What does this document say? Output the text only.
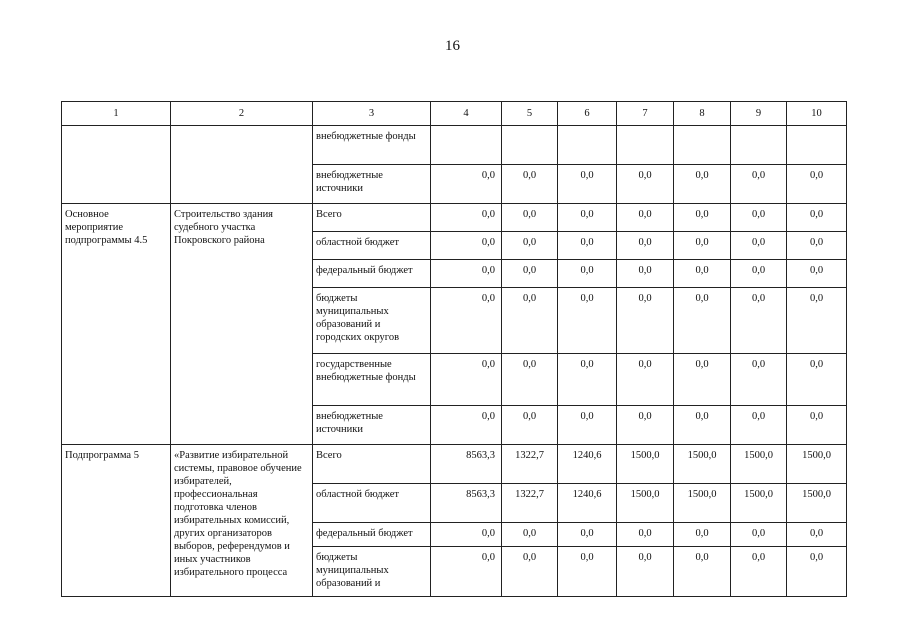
16
1	2	3	4	5	6	7	8	9	10
		внебюджетные фонды							
		внебюджетные источники	0,0	0,0	0,0	0,0	0,0	0,0	0,0
Основное мероприятие подпрограммы 4.5	Строительство здания судебного участка Покровского района	Всего	0,0	0,0	0,0	0,0	0,0	0,0	0,0
		областной бюджет	0,0	0,0	0,0	0,0	0,0	0,0	0,0
		федеральный бюджет	0,0	0,0	0,0	0,0	0,0	0,0	0,0
		бюджеты муниципальных образований и городских округов	0,0	0,0	0,0	0,0	0,0	0,0	0,0
		государственные внебюджетные фонды	0,0	0,0	0,0	0,0	0,0	0,0	0,0
		внебюджетные источники	0,0	0,0	0,0	0,0	0,0	0,0	0,0
Подпрограмма 5	«Развитие избирательной системы, правовое обучение избирателей, профессиональная подготовка членов избирательных комиссий, других организаторов выборов, референдумов и иных участников избирательного процесса	Всего	8563,3	1322,7	1240,6	1500,0	1500,0	1500,0	1500,0
		областной бюджет	8563,3	1322,7	1240,6	1500,0	1500,0	1500,0	1500,0
		федеральный бюджет	0,0	0,0	0,0	0,0	0,0	0,0	0,0
		бюджеты муниципальных образований и	0,0	0,0	0,0	0,0	0,0	0,0	0,0
